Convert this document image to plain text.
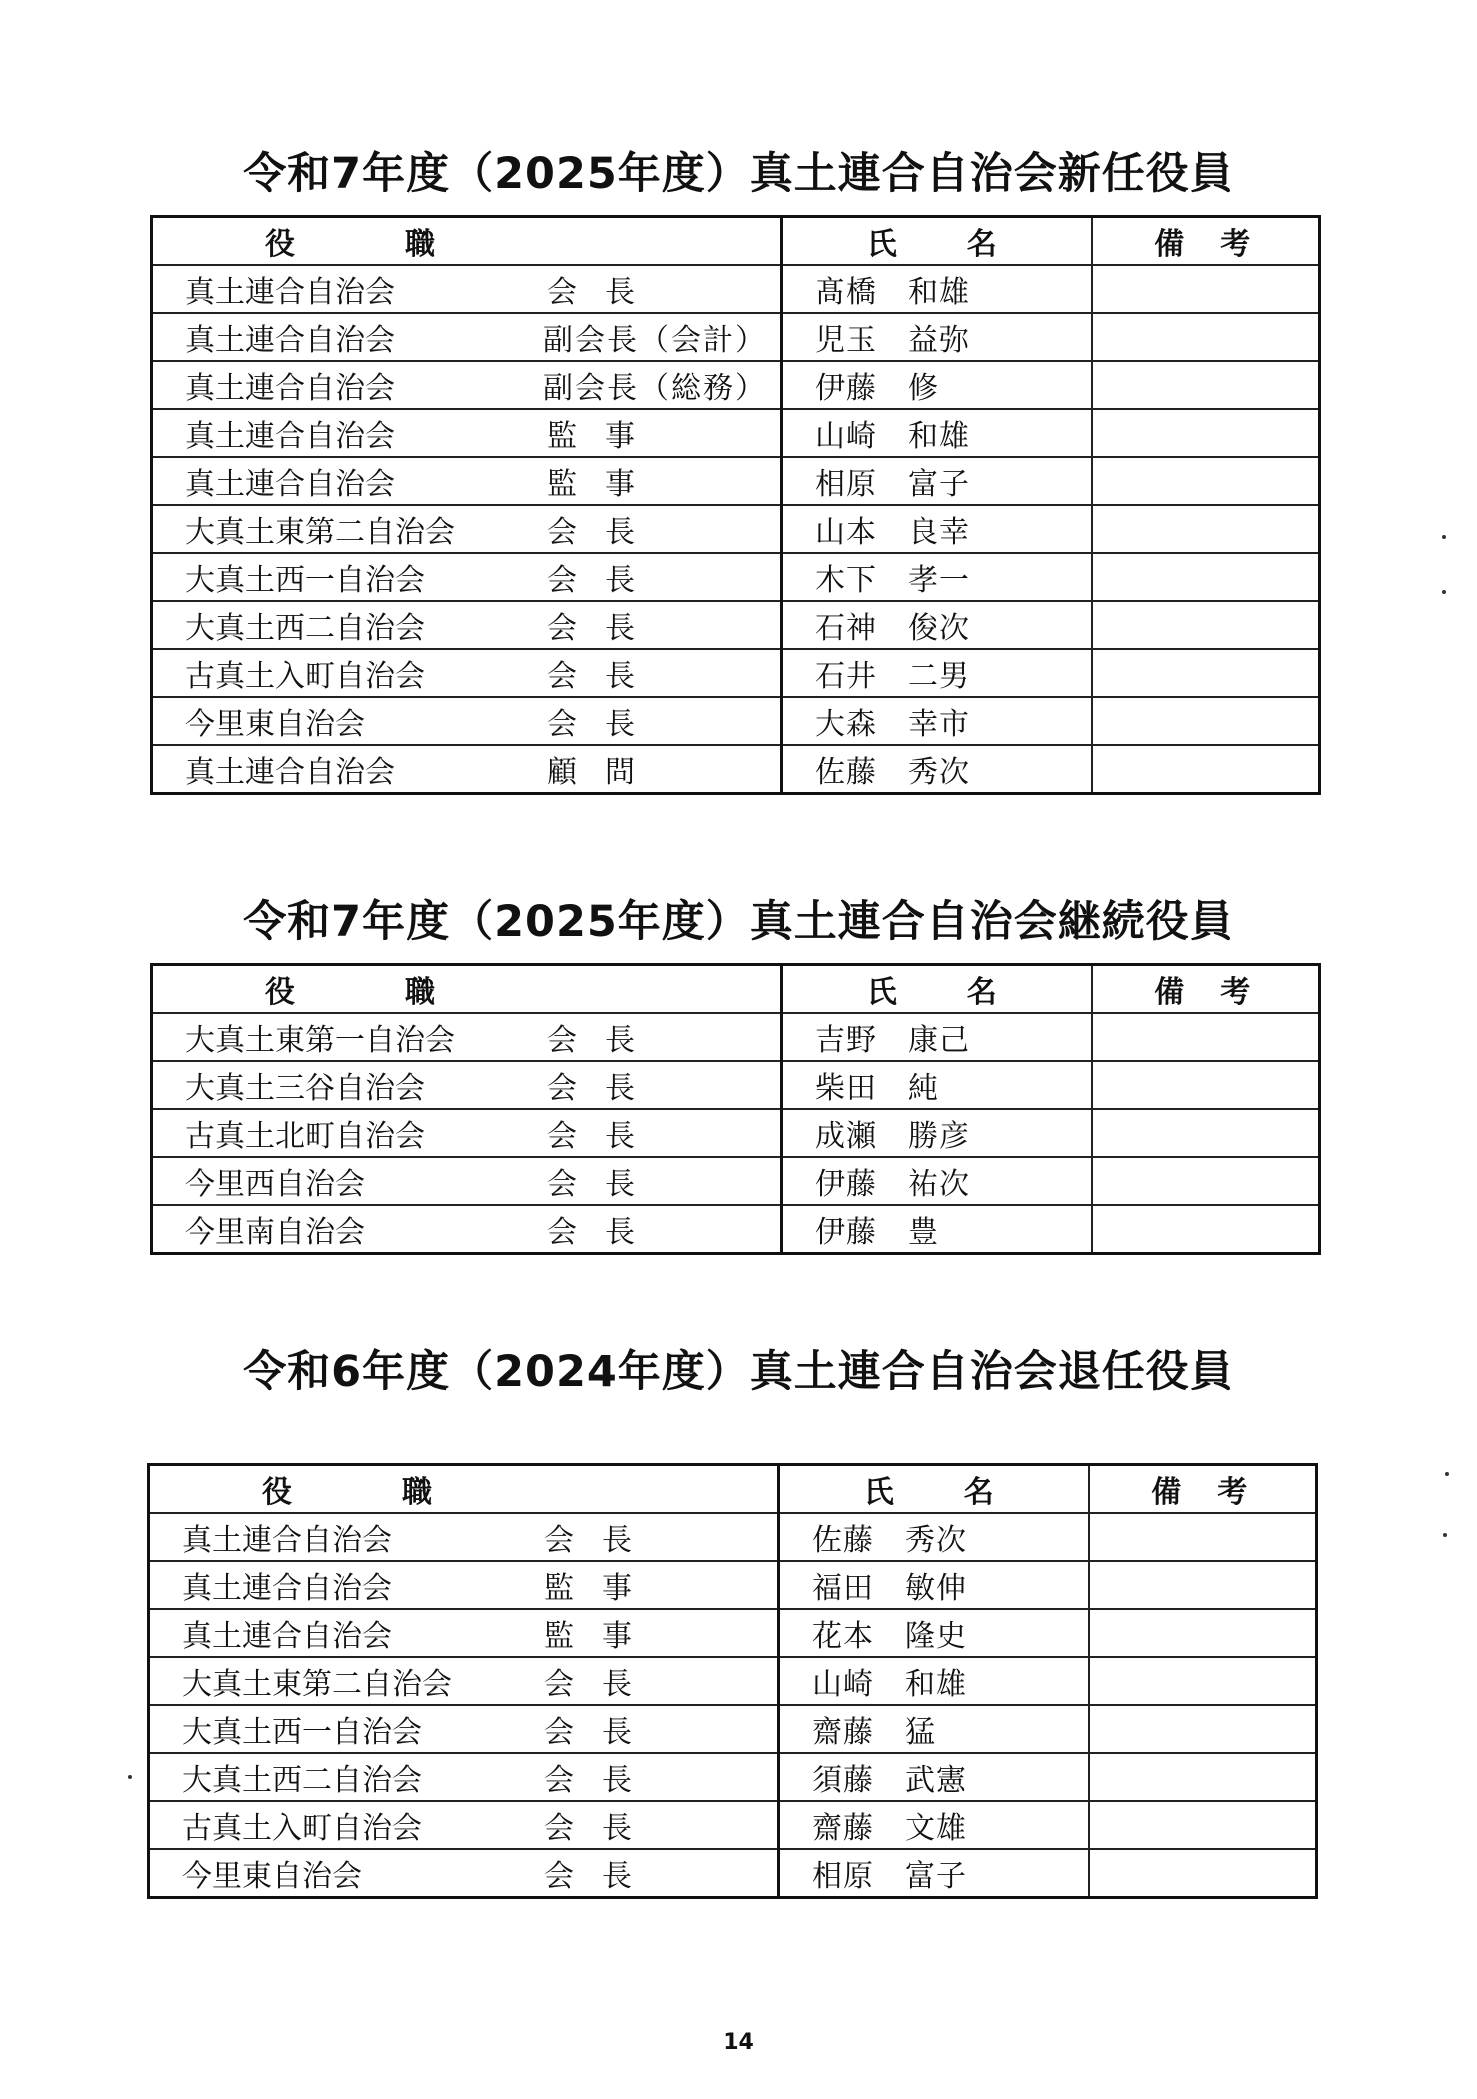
令和7年度（2025年度）真土連合自治会新任役員
役職	氏名	備考

真土連合自治会 会長	髙橋　和雄	

真土連合自治会 副会長（会計）	児玉　益弥	

真土連合自治会 副会長（総務）	伊藤　修	

真土連合自治会 監事	山崎　和雄	

真土連合自治会 監事	相原　富子	

大真土東第二自治会 会長	山本　良幸	

大真土西一自治会 会長	木下　孝一	

大真土西二自治会 会長	石神　俊次	

古真土入町自治会 会長	石井　二男	

今里東自治会 会長	大森　幸市	

真土連合自治会 顧問	佐藤　秀次	
令和7年度（2025年度）真土連合自治会継続役員
役職	氏名	備考

大真土東第一自治会 会長	吉野　康己	

大真土三谷自治会 会長	柴田　純	

古真土北町自治会 会長	成瀬　勝彦	

今里西自治会 会長	伊藤　祐次	

今里南自治会 会長	伊藤　豊	
令和6年度（2024年度）真土連合自治会退任役員
役職	氏名	備考

真土連合自治会 会長	佐藤　秀次	

真土連合自治会 監事	福田　敏伸	

真土連合自治会 監事	花本　隆史	

大真土東第二自治会 会長	山崎　和雄	

大真土西一自治会 会長	齋藤　猛	

大真土西二自治会 会長	須藤　武憲	

古真土入町自治会 会長	齋藤　文雄	

今里東自治会 会長	相原　富子	
14
